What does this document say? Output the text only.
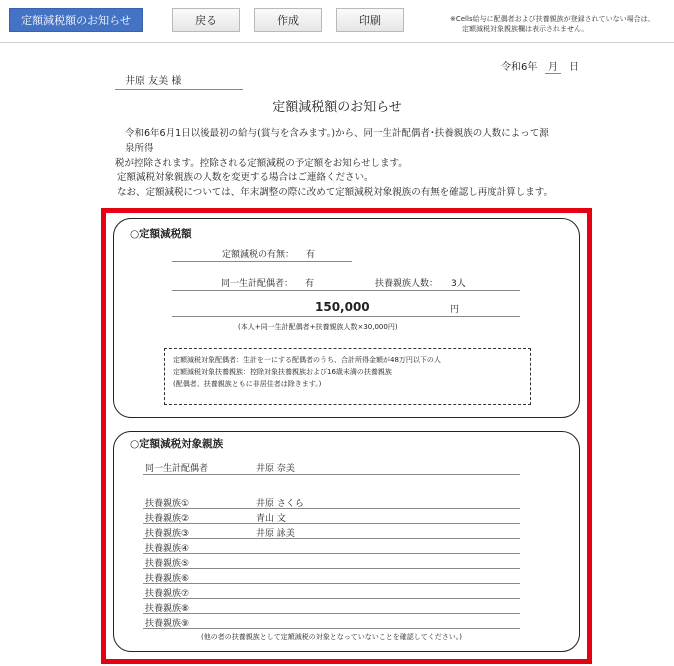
定額減税額のお知らせ	戻る	作成	印刷	※Cells給与に配偶者および扶養親族が登録されていない場合は、
定額減税対象親族欄は表示されません。
令和6年	月	日
井原 友美 様
定額減税額のお知らせ
令和6年6月1日以後最初の給与(賞与を含みます。)から、同一生計配偶者･扶養親族の人数によって源泉所得
税が控除されます。控除される定額減税の予定額をお知らせします。
定額減税対象親族の人数を変更する場合はご連絡ください。
なお、定額減税については、年末調整の際に改めて定額減税対象親族の有無を確認し再度計算します。
○定額減税額
定額減税の有無： 有
同一生計配偶者： 有	扶養親族人数： 3人
150,000	円
(本人+同一生計配偶者+扶養親族人数×30,000円)
定額減税対象配偶者：生計を一にする配偶者のうち、合計所得金額が48万円以下の人
定額減税対象扶養親族：控除対象扶養親族および16歳未満の扶養親族
(配偶者、扶養親族ともに非居住者は除きます。)
○定額減税対象親族
同一生計配偶者	井原 奈美
扶養親族①	井原 さくら
扶養親族②	青山 文
扶養親族③	井原 詠美
扶養親族④
扶養親族⑤
扶養親族⑥
扶養親族⑦
扶養親族⑧
扶養親族⑨
(他の者の扶養親族として定額減税の対象となっていないことを確認してください。)
